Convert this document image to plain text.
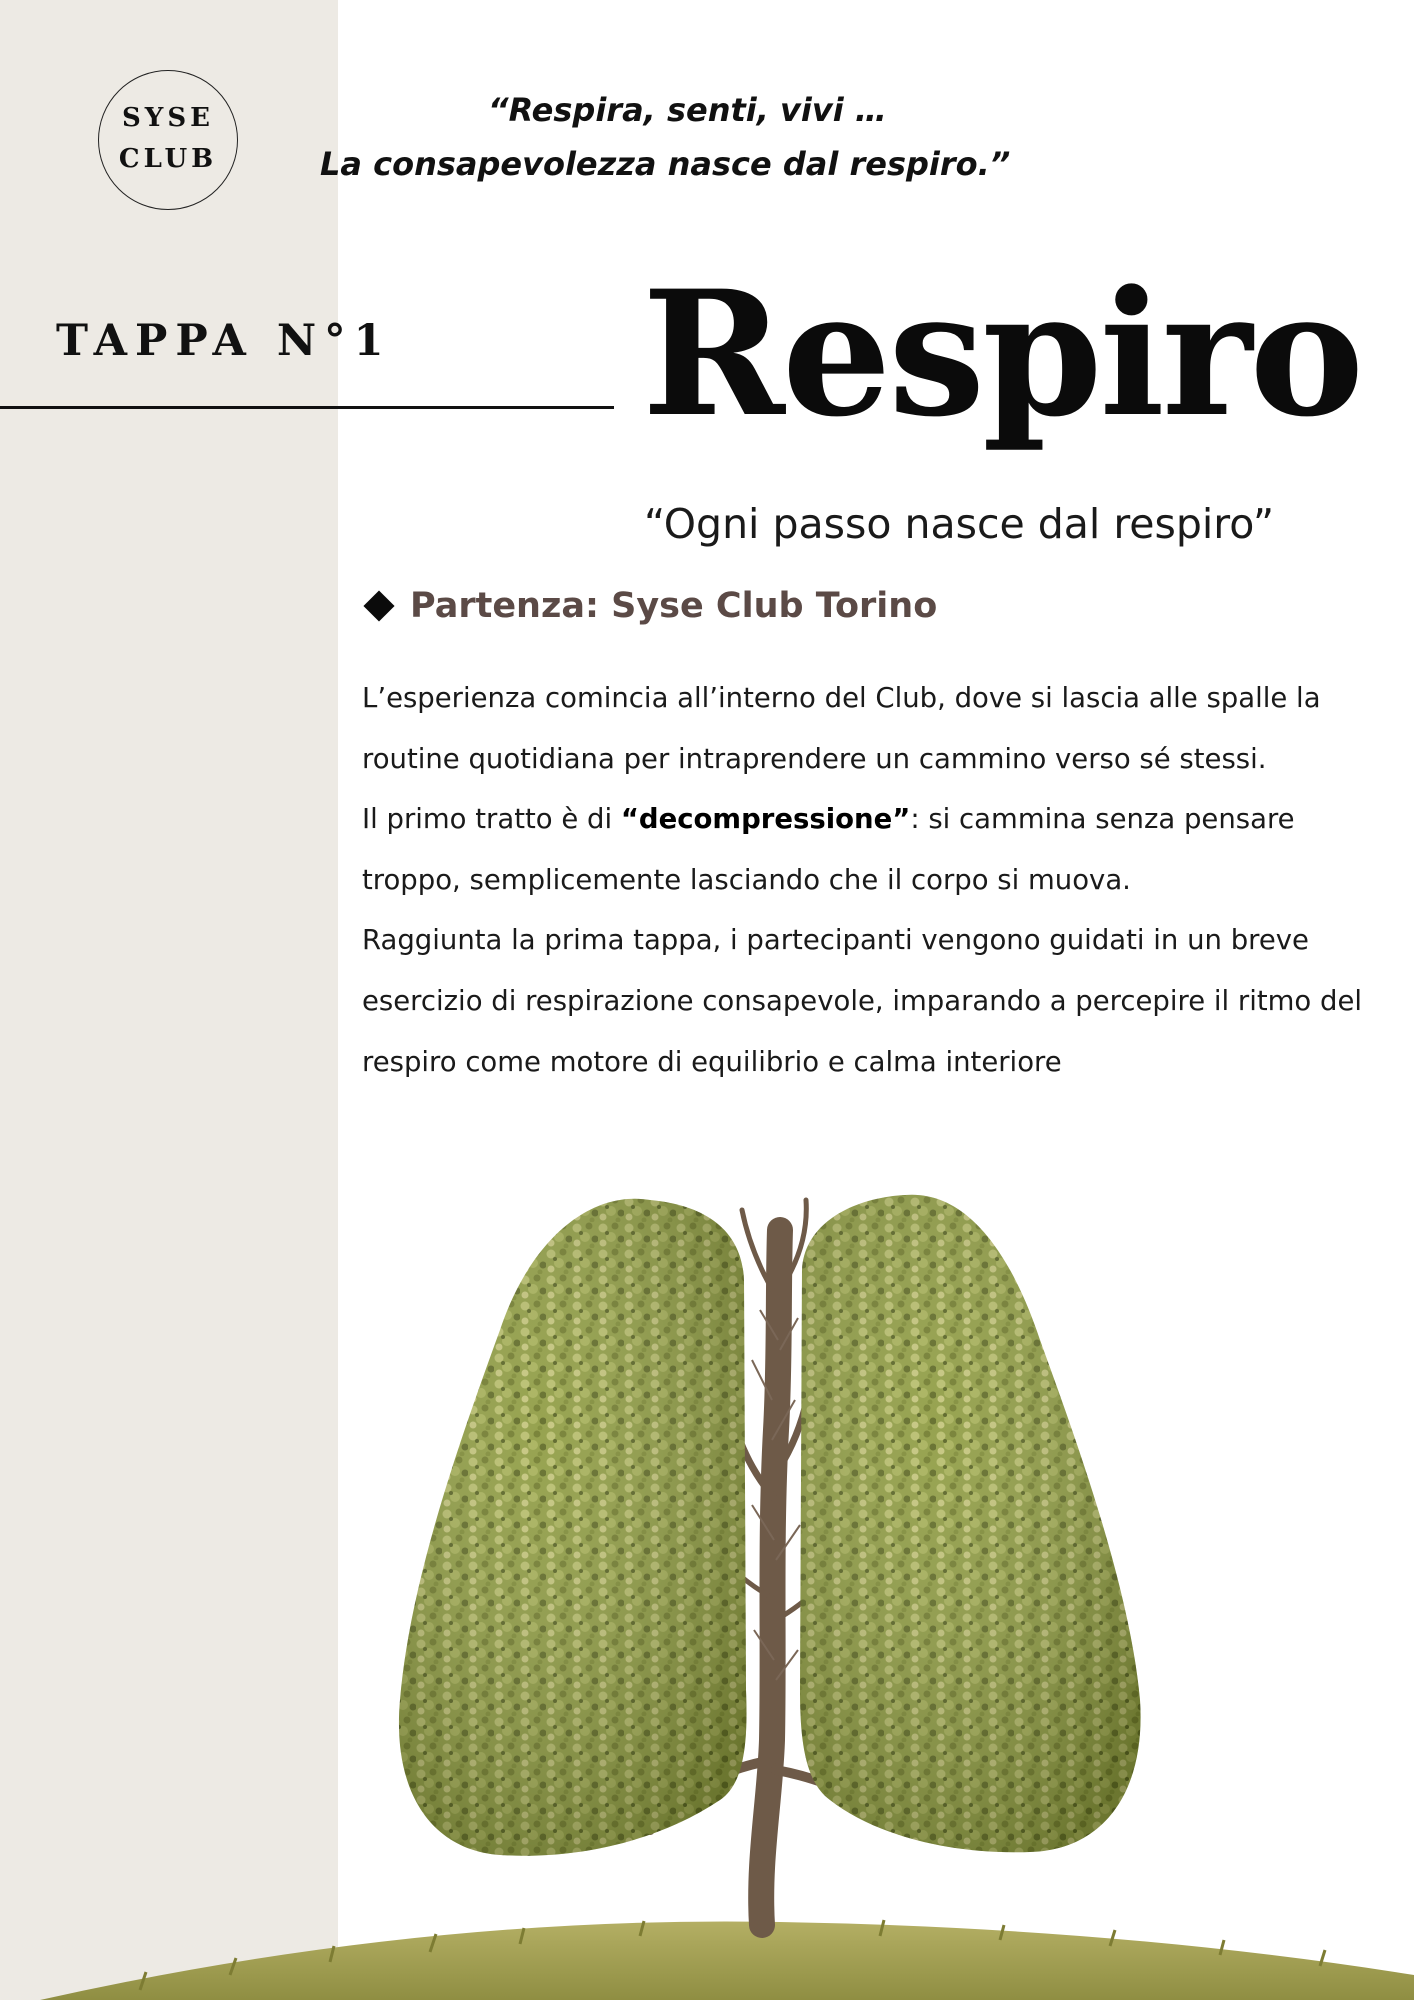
SYSE
CLUB
“Respira, senti, vivi …
La consapevolezza nasce dal respiro.”
TAPPA N°1 Respiro
“Ogni passo nasce dal respiro”
Partenza: Syse Club Torino

L’esperienza comincia all’interno del Club, dove si lascia alle spalle la routine quotidiana per intraprendere un cammino verso sé stessi.

Il primo tratto è di “decompressione”: si cammina senza pensare troppo, semplicemente lasciando che il corpo si muova.

Raggiunta la prima tappa, i partecipanti vengono guidati in un breve esercizio di respirazione consapevole, imparando a percepire il ritmo del respiro come motore di equilibrio e calma interiore
